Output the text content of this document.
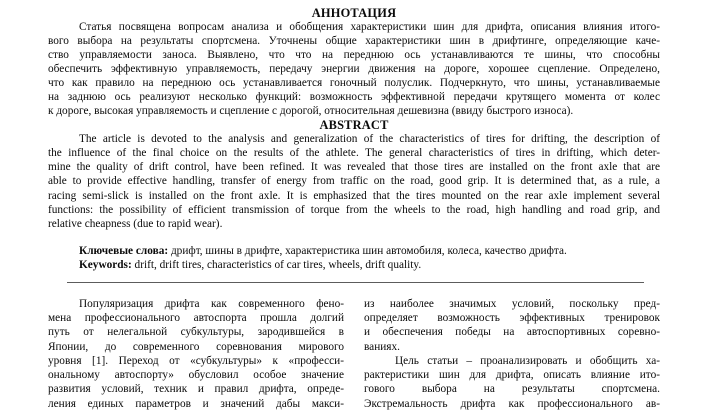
АННОТАЦИЯ
Статья посвящена вопросам анализа и обобщения характеристики шин для дрифта, описания влияния итого-
вого выбора на результаты спортсмена. Уточнены общие характеристики шин в дрифтинге, определяющие каче-
ство управляемости заноса. Выявлено, что что на переднюю ось устанавливаются те шины, что способны
обеспечить эффективную управляемость, передачу энергии движения на дороге, хорошее сцепление. Определено,
что как правило на переднюю ось устанавливается гоночный полуслик. Подчеркнуто, что шины, устанавливаемые
на заднюю ось реализуют несколько функций: возможность эффективной передачи крутящего момента от колес
к дороге, высокая управляемость и сцепление с дорогой, относительная дешевизна (ввиду быстрого износа).
ABSTRACT
The article is devoted to the analysis and generalization of the characteristics of tires for drifting, the description of
the influence of the final choice on the results of the athlete. The general characteristics of tires in drifting, which deter-
mine the quality of drift control, have been refined. It was revealed that those tires are installed on the front axle that are
able to provide effective handling, transfer of energy from traffic on the road, good grip. It is determined that, as a rule, a
racing semi-slick is installed on the front axle. It is emphasized that the tires mounted on the rear axle implement several
functions: the possibility of efficient transmission of torque from the wheels to the road, high handling and road grip, and
relative cheapness (due to rapid wear).
Ключевые слова: дрифт, шины в дрифте, характеристика шин автомобиля, колеса, качество дрифта.
Keywords: drift, drift tires, characteristics of car tires, wheels, drift quality.
Популяризация дрифта как современного фено-
мена профессионального автоспорта прошла долгий
путь от нелегальной субкультуры, зародившейся в
Японии, до современного соревнования мирового
уровня [1]. Переход от «субкультуры» к «професси-
ональному автоспорту» обусловил особое значение
развития условий, техник и правил дрифта, опреде-
ления единых параметров и значений дабы макси-
из наиболее значимых условий, поскольку пред-
определяет возможность эффективных тренировок
и обеспечения победы на автоспортивных соревно-
ваниях.
Цель статьи – проанализировать и обобщить ха-
рактеристики шин для дрифта, описать влияние ито-
гового выбора на результаты спортсмена.
Экстремальность дрифта как профессионального ав-
